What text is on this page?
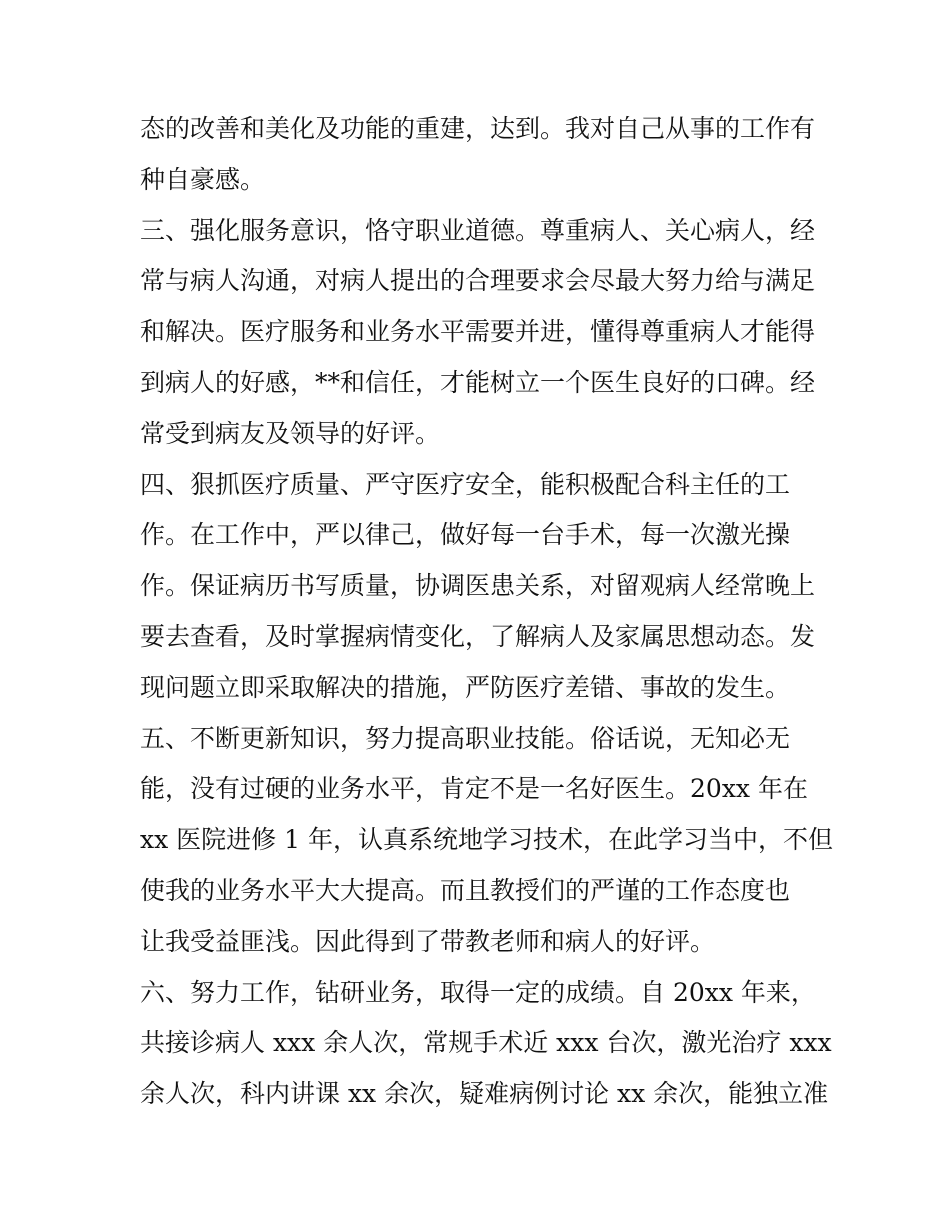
态的改善和美化及功能的重建，达到。我对自己从事的工作有
种自豪感。
三、强化服务意识，恪守职业道德。尊重病人、关心病人，经
常与病人沟通，对病人提出的合理要求会尽最大努力给与满足
和解决。医疗服务和业务水平需要并进，懂得尊重病人才能得
到病人的好感，**和信任，才能树立一个医生良好的口碑。经
常受到病友及领导的好评。
四、狠抓医疗质量、严守医疗安全，能积极配合科主任的工
作。在工作中，严以律己，做好每一台手术，每一次激光操
作。保证病历书写质量，协调医患关系，对留观病人经常晚上
要去查看，及时掌握病情变化，了解病人及家属思想动态。发
现问题立即采取解决的措施，严防医疗差错、事故的发生。
五、不断更新知识，努力提高职业技能。俗话说，无知必无
能，没有过硬的业务水平，肯定不是一名好医生。20xx 年在
xx 医院进修 1 年，认真系统地学习技术，在此学习当中，不但
使我的业务水平大大提高。而且教授们的严谨的工作态度也
让我受益匪浅。因此得到了带教老师和病人的好评。
六、努力工作，钻研业务，取得一定的成绩。自 20xx 年来，
共接诊病人 xxx 余人次，常规手术近 xxx 台次，激光治疗 xxx
余人次，科内讲课 xx 余次，疑难病例讨论 xx 余次，能独立准
